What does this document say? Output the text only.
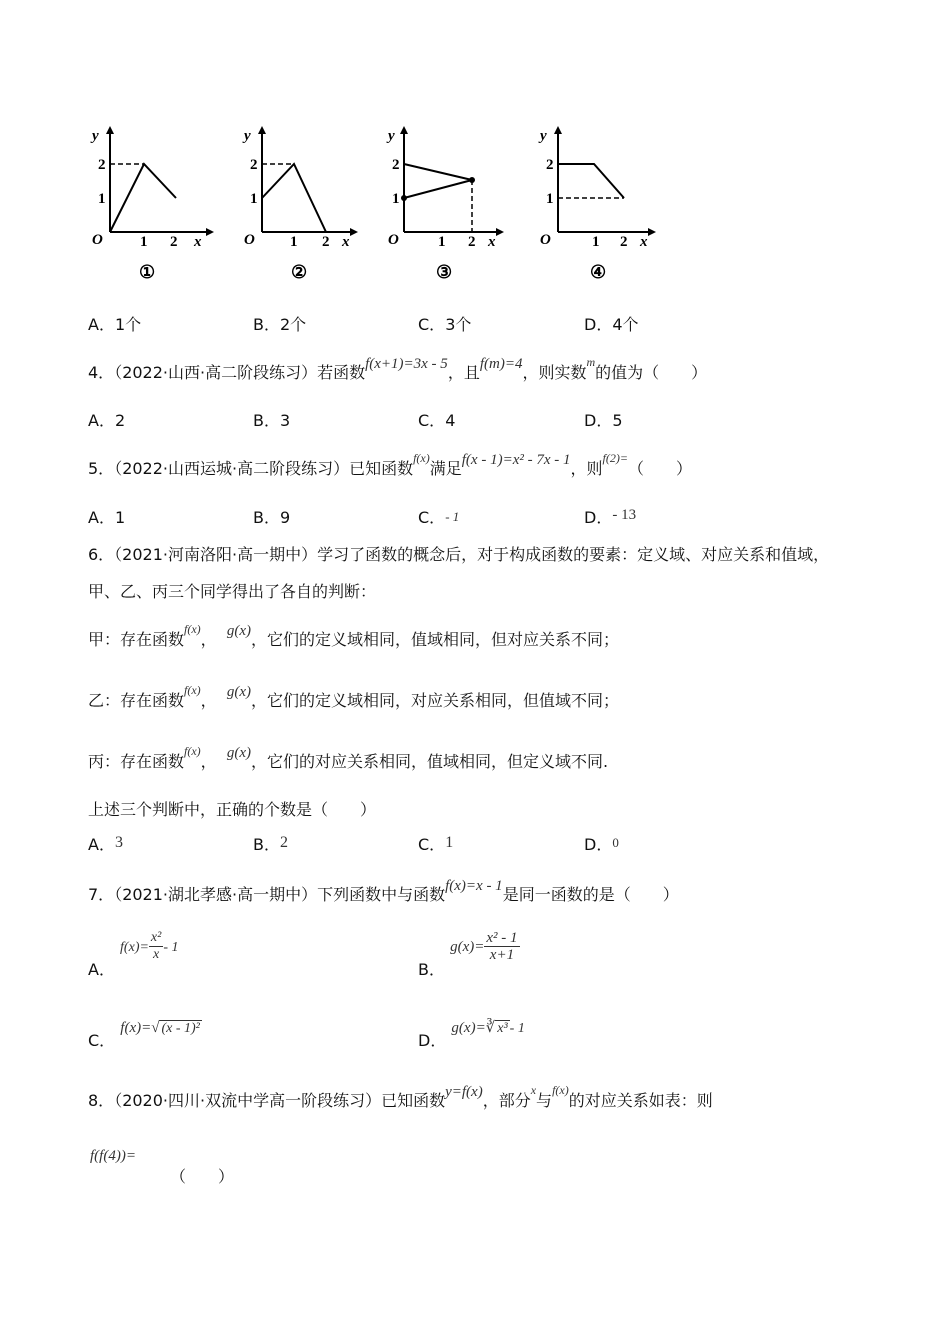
y
x
O
2
1
1 2
①
y
x
O
2
1
1 2
②
y
x
O
2
1
1 2
③
y
x
O
2
1
1 2
④
A．1个	B．2个	C．3个	D．4个
4．（2022·山西·高二阶段练习）若函数f(x+1)=3x - 5，且f(m)=4，则实数$^m$的值为（　　）
A．2	B．3	C．4	D．5
5．（2022·山西运城·高二阶段练习）已知函数$^{f(x)}$满足f(x - 1)=x² - 7x - 1，则$^{f(2)=}$（　　）
A．1	B．9	C．- 1	D．- 13
6．（2021·河南洛阳·高一期中）学习了函数的概念后，对于构成函数的要素：定义域、对应关系和值域，
甲、乙、丙三个同学得出了各自的判断：
甲：存在函数$^{f(x)}$， g(x)，它们的定义域相同，值域相同，但对应关系不同；
乙：存在函数$^{f(x)}$， g(x)，它们的定义域相同，对应关系相同，但值域不同；
丙：存在函数$^{f(x)}$， g(x)，它们的对应关系相同，值域相同，但定义域不同.
上述三个判断中，正确的个数是（　　）
A．3	B．2	C．1	D．0
7．（2021·湖北孝感·高一期中）下列函数中与函数f(x)=x - 1是同一函数的是（　　）
A． $f(x)= \frac{\text{x²}}{x} - 1$
B． $g(x)= \frac{\text{x² - 1}}{x+1}$
C． f(x)=√ (x - 1)²
D． g(x)=∛ x³ - 1
8．（2020·四川·双流中学高一阶段练习）已知函数y=f(x)，部分$^x$与$^{f(x)}$的对应关系如表：则
f(f(4))=
（　　）
